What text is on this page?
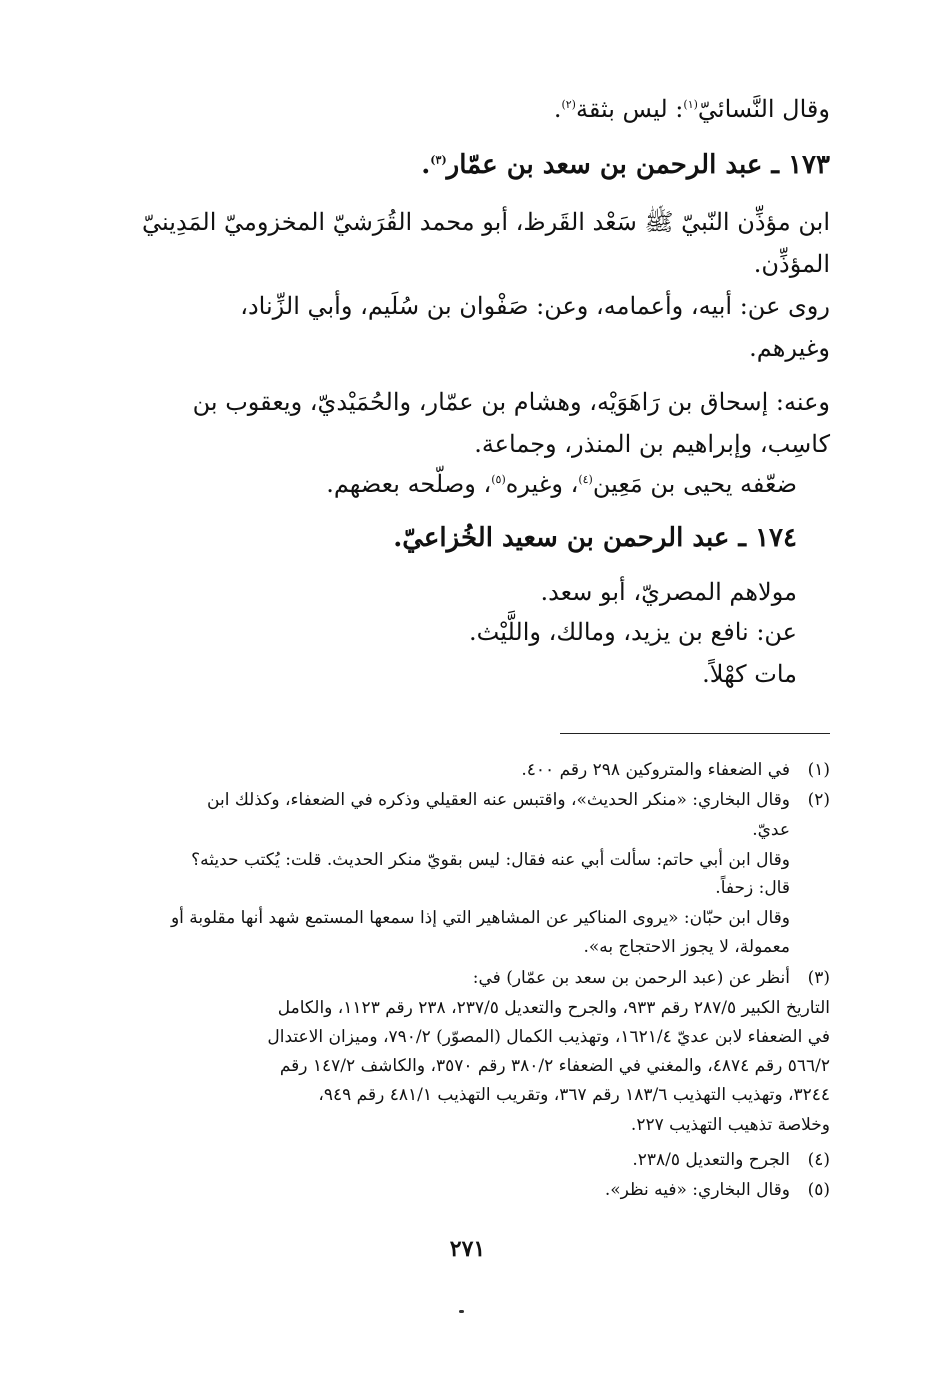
وقال النَّسائيّ$^{(١)}$: ليس بثقة$^{(٢)}$.
١٧٣ ـ عبد الرحمن بن سعد بن عمّار$^{(٣)}$.
ابن مؤذِّن النّبيّ ﷺ سَعْد القَرظ، أبو محمد القُرَشيّ المخزوميّ المَدِينيّ
المؤذِّن.
روى عن: أبيه، وأعمامه، وعن: صَفْوان بن سُلَيم، وأبي الزِّناد،
وغيرهم.
وعنه: إسحاق بن رَاهَوَيْه، وهشام بن عمّار، والحُمَيْديّ، ويعقوب بن
كاسِب، وإبراهيم بن المنذر، وجماعة.
ضعّفه يحيى بن مَعِين$^{(٤)}$، وغيره$^{(٥)}$، وصلّحه بعضهم.
١٧٤ ـ عبد الرحمن بن سعيد الخُزاعيّ.
مولاهم المصريّ، أبو سعد.
عن: نافع بن يزيد، ومالك، واللَّيْث.
مات كهْلاً.
(١)في الضعفاء والمتروكين ٢٩٨ رقم ٤٠٠.
(٢)وقال البخاري: «منكر الحديث»، واقتبس عنه العقيلي وذكره في الضعفاء، وكذلك ابن
عديّ.
وقال ابن أبي حاتم: سألت أبي عنه فقال: ليس بقويّ منكر الحديث. قلت: يُكتب حديثه؟
قال: زحفاً.
وقال ابن حبّان: «يروى المناكير عن المشاهير التي إذا سمعها المستمع شهد أنها مقلوبة أو
معمولة، لا يجوز الاحتجاج به».
(٣)أنظر عن (عبد الرحمن بن سعد بن عمّار) في:
التاريخ الكبير ٢٨٧/٥ رقم ٩٣٣، والجرح والتعديل ٢٣٧/٥، ٢٣٨ رقم ١١٢٣، والكامل
في الضعفاء لابن عديّ ١٦٢١/٤، وتهذيب الكمال (المصوّر) ٧٩٠/٢، وميزان الاعتدال
٥٦٦/٢ رقم ٤٨٧٤، والمغني في الضعفاء ٣٨٠/٢ رقم ٣٥٧٠، والكاشف ١٤٧/٢ رقم
٣٢٤٤، وتهذيب التهذيب ١٨٣/٦ رقم ٣٦٧، وتقريب التهذيب ٤٨١/١ رقم ٩٤٩،
وخلاصة تذهيب التهذيب ٢٢٧.
(٤)الجرح والتعديل ٢٣٨/٥.
(٥)وقال البخاري: «فيه نظر».
٢٧١
